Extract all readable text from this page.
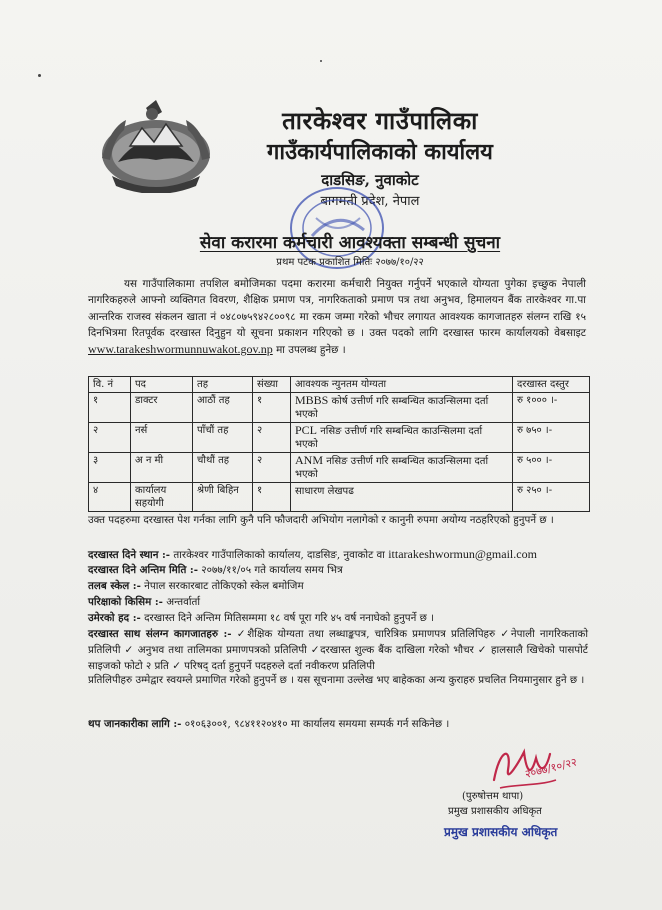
तारकेश्वर गाउँपालिका
गाउँकार्यपालिकाको कार्यालय
दाडसिङ, नुवाकोट
बागमती प्रदेश, नेपाल
सेवा करारमा कर्मचारी आवश्यक्ता सम्बन्धी सुचना
प्रथम पटक प्रकाशित मितिः २०७७/१०/२२
यस गाउँपालिकामा तपशिल बमोजिमका पदमा करारमा कर्मचारी नियुक्त गर्नुपर्ने भएकाले योग्यता पुगेका इच्छुक नेपाली नागरिकहरुले आफ्नो व्यक्तिगत विवरण, शैक्षिक प्रमाण पत्र, नागरिकताको प्रमाण पत्र तथा अनुभव, हिमालयन बैंक तारकेश्वर गा.पा आन्तरिक राजस्व संकलन खाता नं ०४८०७५९४२८००९८ मा रकम जम्मा गरेको भौचर लगायत आवश्यक कागजातहरु संलग्न राखि १५ दिनभित्रमा रितपूर्वक दरखास्त दिनुहुन यो सूचना प्रकाशन गरिएको छ । उक्त पदको लागि दरखास्त फारम कार्यालयको वेबसाइट www.tarakeshwormunnuwakot.gov.np मा उपलब्ध हुनेछ ।
वि. नं	पद	तह	संख्या	आवश्यक न्युनतम योग्यता	दरखास्त दस्तुर
१	डाक्टर	आठौं तह	१	MBBS कोर्ष उत्तीर्ण गरि सम्बन्धित काउन्सिलमा दर्ता भएको	रु १००० ।-
२	नर्स	पाँचौं तह	२	PCL नसिङ उत्तीर्ण गरि सम्बन्धित काउन्सिलमा दर्ता भएको	रु ७५० ।-
३	अ न मी	चौथौं तह	२	ANM नसिङ उत्तीर्ण गरि सम्बन्धित काउन्सिलमा दर्ता भएको	रु ५०० ।-
४	कार्यालय सहयोगी	श्रेणी बिहिन	१	साधारण लेखपढ	रु २५० ।-
उक्त पदहरुमा दरखास्त पेश गर्नका लागि कुनै पनि फौजदारी अभियोग नलागेको र कानुनी रुपमा अयोग्य नठहरिएको हुनुपर्ने छ ।
दरखास्त दिने स्थान :- तारकेश्वर गाउँपालिकाको कार्यालय, दाडसिङ, नुवाकोट वा ittarakeshwormun@gmail.com
दरखास्त दिने अन्तिम मिति :- २०७७/११/०५ गते कार्यालय समय भित्र
तलब स्केल :- नेपाल सरकारबाट तोकिएको स्केल बमोजिम
परिक्षाको किसिम :- अन्तर्वार्ता
उमेरको हद :- दरखास्त दिने अन्तिम मितिसम्ममा १८ वर्ष पूरा गरि ४५ वर्ष ननाघेको हुनुपर्ने छ ।
दरखास्त साथ संलग्न कागजातहरु :- ✓शैक्षिक योग्यता तथा लब्धाङ्कपत्र, चारित्रिक प्रमाणपत्र प्रतिलिपिहरु ✓नेपाली नागरिकताको प्रतिलिपी ✓ अनुभव तथा तालिमका प्रमाणपत्रको प्रतिलिपी ✓दरखास्त शुल्क बैंक दाखिला गरेको भौचर ✓ हालसालै खिचेको पासपोर्ट साइजको फोटो २ प्रति ✓ परिषद् दर्ता हुनुपर्ने पदहरुले दर्ता नवीकरण प्रतिलिपी
प्रतिलिपीहरु उम्मेद्वार स्वयम्ले प्रमाणित गरेको हुनुपर्ने छ । यस सूचनामा उल्लेख भए बाहेकका अन्य कुराहरु प्रचलित नियमानुसार हुने छ ।
थप जानकारीका लागि :- ०१०६३००१, ९८४११२०४१० मा कार्यालय समयमा सम्पर्क गर्न सकिनेछ ।
२०७७/१०/२२
(पुरुषोत्तम थापा)
प्रमुख प्रशासकीय अधिकृत
प्रमुख प्रशासकीय अधिकृत
